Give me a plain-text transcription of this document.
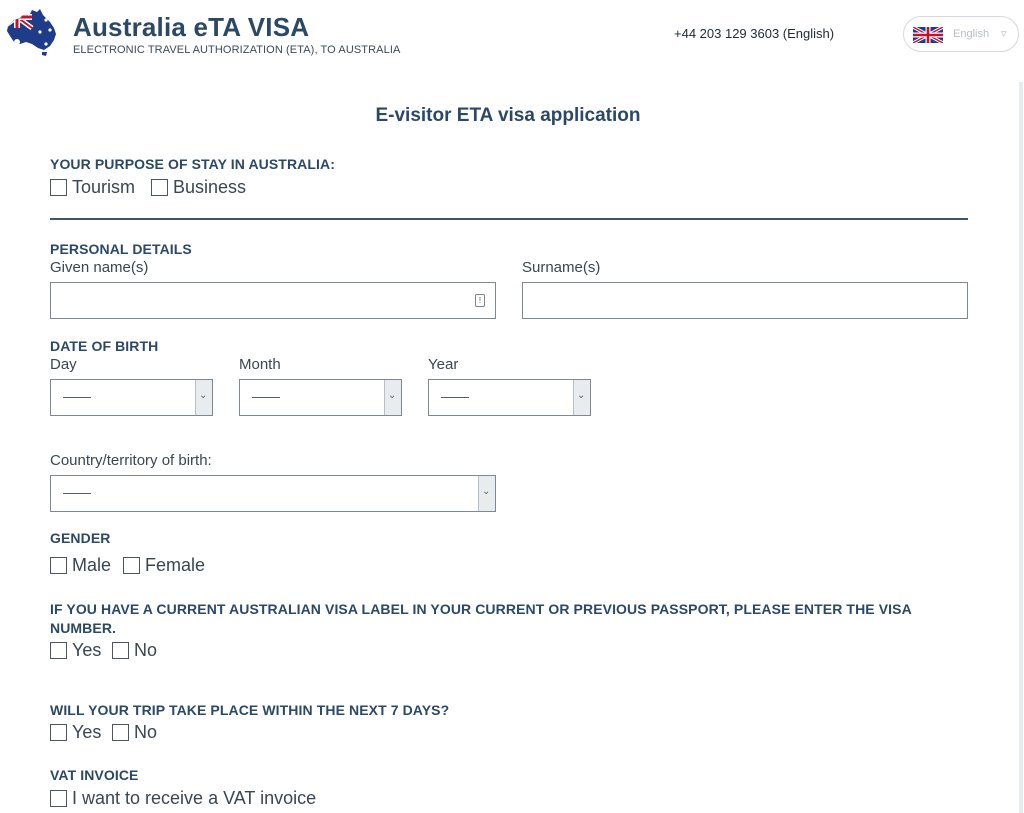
Australia eTA VISA
ELECTRONIC TRAVEL AUTHORIZATION (ETA), TO AUSTRALIA
+44 203 129 3603 (English)	English ▿
E-visitor ETA visa application
YOUR PURPOSE OF STAY IN AUSTRALIA:
Tourism Business
PERSONAL DETAILS
Given name(s)	Surname(s)
!
DATE OF BIRTH
Day	Month	Year
——	⌄	——	⌄	——	⌄
Country/territory of birth:
——	⌄
GENDER
Male Female
IF YOU HAVE A CURRENT AUSTRALIAN VISA LABEL IN YOUR CURRENT OR PREVIOUS PASSPORT, PLEASE ENTER THE VISA NUMBER.
Yes No
WILL YOUR TRIP TAKE PLACE WITHIN THE NEXT 7 DAYS?
Yes No
VAT INVOICE
I want to receive a VAT invoice
